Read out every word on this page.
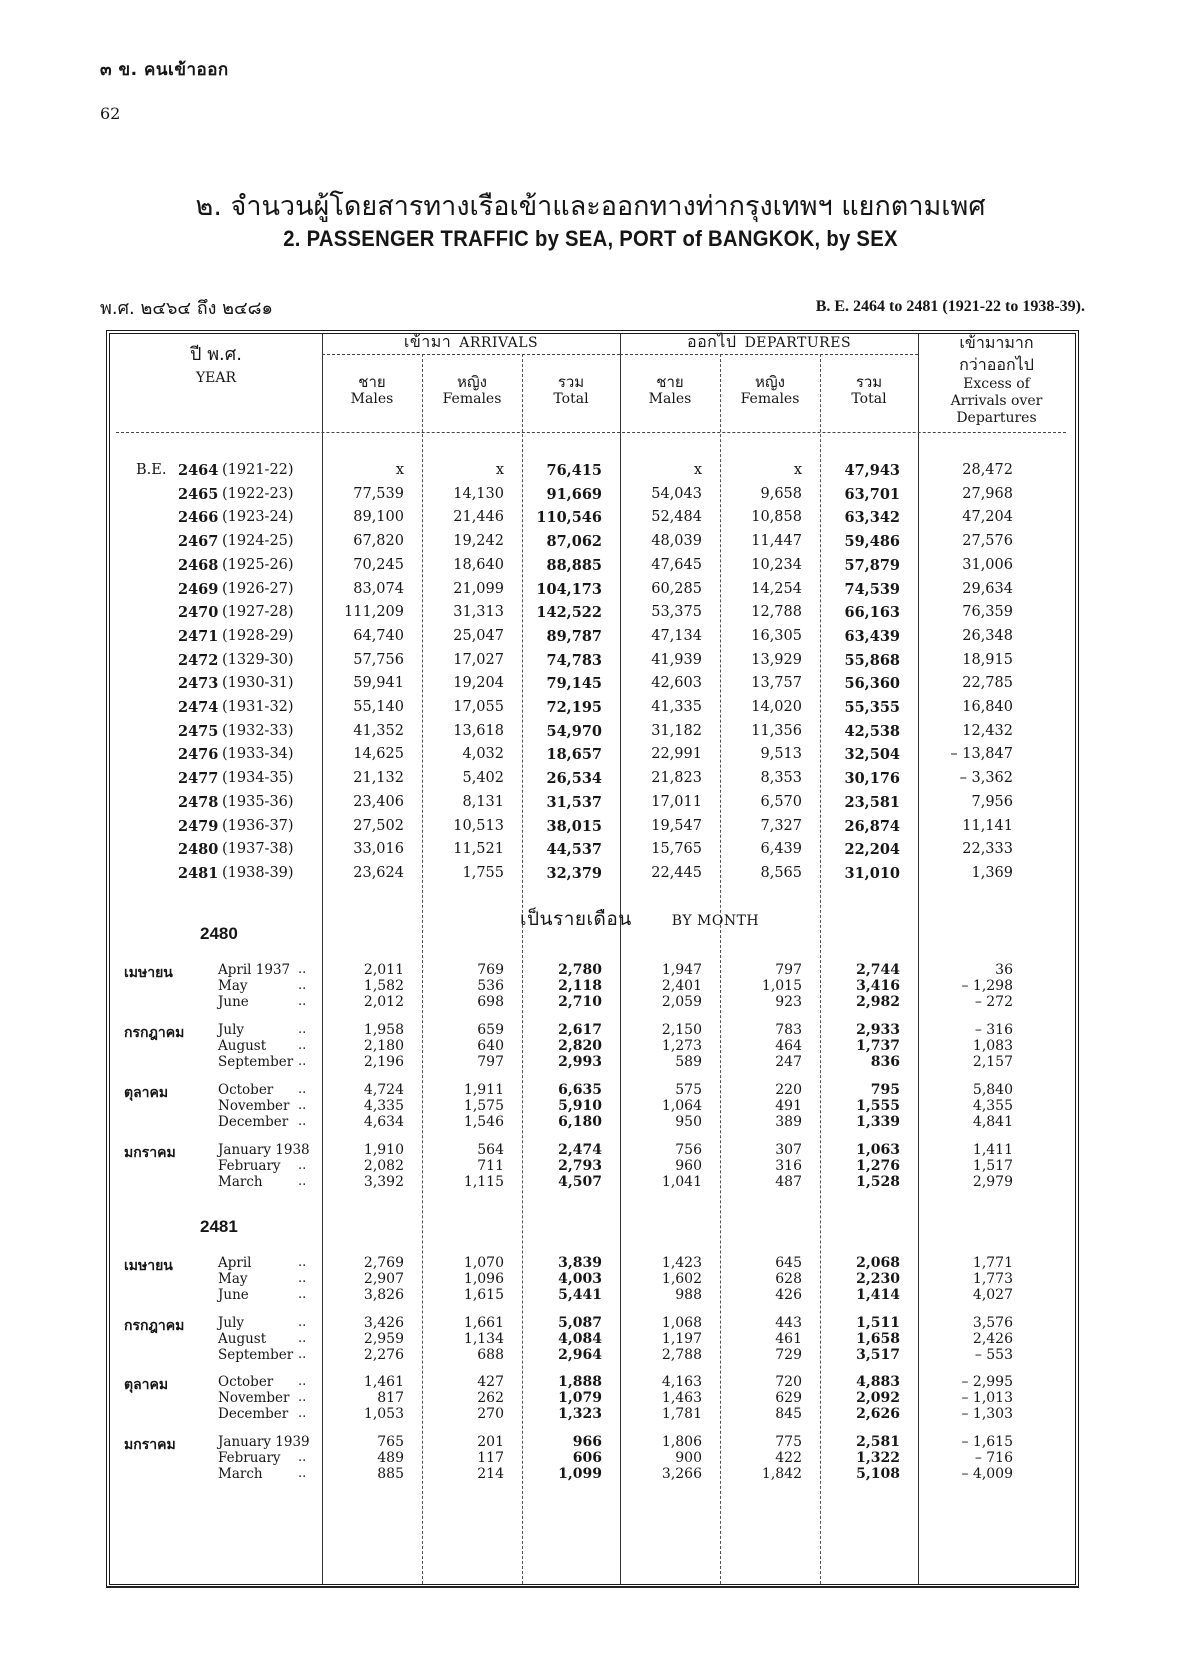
๓ ข. คนเข้าออก
62
๒. จำนวนผู้โดยสารทางเรือเข้าและออกทางท่ากรุงเทพฯ แยกตามเพศ
2. PASSENGER TRAFFIC by SEA, PORT of BANGKOK, by SEX
พ.ศ. ๒๔๖๔ ถึง ๒๔๘๑	B. E. 2464 to 2481 (1921-22 to 1938-39).
ปี พ.ศ.
YEAR
เข้ามา ARRIVALS	ออกไป DEPARTURES	เข้ามามาก
กว่าออกไป
Excess of
Arrivals over
Departures
ชาย
Males
หญิง
Females
รวม
Total
ชาย
Males
หญิง
Females
รวม
Total
B.E. 2464 (1921-22)	x	x	76,415	x	x	47,943	28,472
2465 (1922-23)	77,539	14,130	91,669	54,043	9,658	63,701	27,968
2466 (1923-24)	89,100	21,446 110,546	52,484	10,858	63,342	47,204
2467 (1924-25)	67,820	19,242	87,062	48,039	11,447	59,486	27,576
2468 (1925-26)	70,245	18,640	88,885	47,645	10,234	57,879	31,006
2469 (1926-27)	83,074	21,099 104,173	60,285	14,254	74,539	29,634
2470 (1927-28)	111,209	31,313 142,522	53,375	12,788	66,163	76,359
2471 (1928-29)	64,740	25,047	89,787	47,134	16,305	63,439	26,348
2472 (1329-30)	57,756	17,027	74,783	41,939	13,929	55,868	18,915
2473 (1930-31)	59,941	19,204	79,145	42,603	13,757	56,360	22,785
2474 (1931-32)	55,140	17,055	72,195	41,335	14,020	55,355	16,840
2475 (1932-33)	41,352	13,618	54,970	31,182	11,356	42,538	12,432
2476 (1933-34)	14,625	4,032	18,657	22,991	9,513	32,504	– 13,847
2477 (1934-35)	21,132	5,402	26,534	21,823	8,353	30,176	– 3,362
2478 (1935-36)	23,406	8,131	31,537	17,011	6,570	23,581	7,956
2479 (1936-37)	27,502	10,513	38,015	19,547	7,327	26,874	11,141
2480 (1937-38)	33,016	11,521	44,537	15,765	6,439	22,204	22,333
2481 (1938-39)	23,624	1,755	32,379	22,445	8,565	31,010	1,369
2480
เมษายน	April 1937 ..	2,011	769	2,780	1,947	797	2,744	36
May	..	1,582	536	2,118	2,401	1,015	3,416	– 1,298
June	..	2,012	698	2,710	2,059	923	2,982	– 272
กรกฎาคม July	..	1,958	659	2,617	2,150	783	2,933	– 316
August ..	2,180	640	2,820	1,273	464	1,737	1,083
September ..	2,196	797	2,993	589	247	836	2,157
ตุลาคม	October ..	4,724	1,911	6,635	575	220	795	5,840
November ..	4,335	1,575	5,910	1,064	491	1,555	4,355
December ..	4,634	1,546	6,180	950	389	1,339	4,841
มกราคม	January 1938	1,910	564	2,474	756	307	1,063	1,411
February ..	2,082	711	2,793	960	316	1,276	1,517
March	..	3,392	1,115	4,507	1,041	487	1,528	2,979
2481
เมษายน	April	..	2,769	1,070	3,839	1,423	645	2,068	1,771
May	..	2,907	1,096	4,003	1,602	628	2,230	1,773
June	..	3,826	1,615	5,441	988	426	1,414	4,027
กรกฎาคม July	..	3,426	1,661	5,087	1,068	443	1,511	3,576
August ..	2,959	1,134	4,084	1,197	461	1,658	2,426
September ..	2,276	688	2,964	2,788	729	3,517	– 553
ตุลาคม	October ..	1,461	427	1,888	4,163	720	4,883	– 2,995
November ..	817	262	1,079	1,463	629	2,092	– 1,013
December ..	1,053	270	1,323	1,781	845	2,626	– 1,303
มกราคม	January 1939	765	201	966	1,806	775	2,581	– 1,615
February ..	489	117	606	900	422	1,322	– 716
March	..	885	214	1,099	3,266	1,842	5,108	– 4,009
เป็นรายเดือน	BY MONTH
